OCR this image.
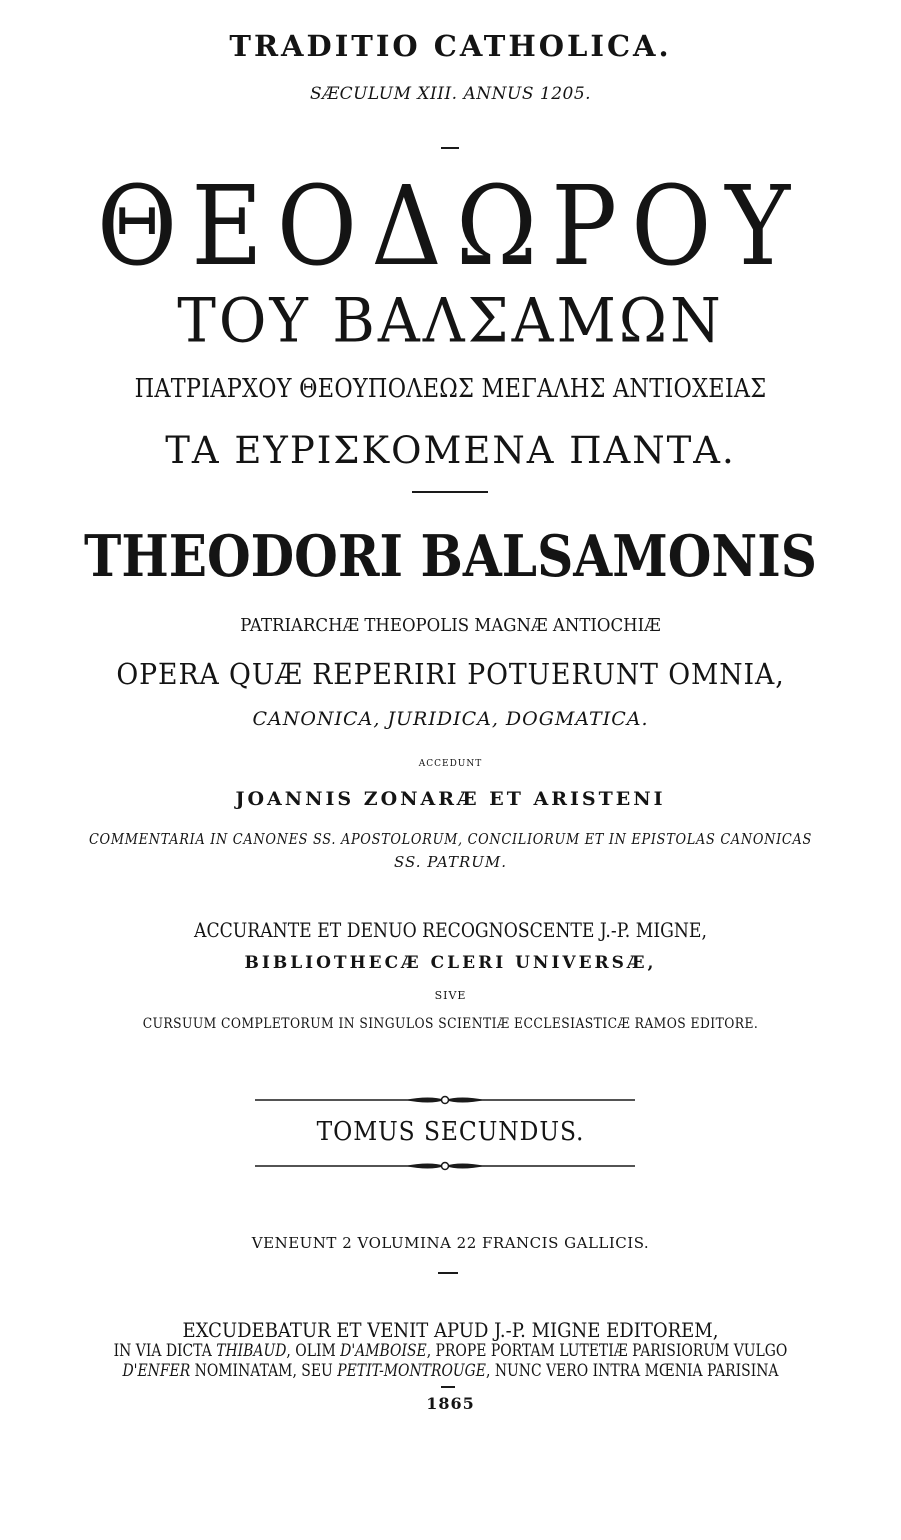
TRADITIO CATHOLICA.
SÆCULUM XIII. ANNUS 1205.
ΘΕΟΔΩΡΟΥ
ΤΟΥ ΒΑΛΣΑΜΩΝ
ΠΑΤΡΙΑΡΧΟΥ ΘΕΟΥΠΟΛΕΩΣ ΜΕΓΑΛΗΣ ΑΝΤΙΟΧΕΙΑΣ
ΤΑ ΕΥΡΙΣΚΟΜΕΝΑ ΠΑΝΤΑ.
THEODORI BALSAMONIS
PATRIARCHÆ THEOPOLIS MAGNÆ ANTIOCHIÆ
OPERA QUÆ REPERIRI POTUERUNT OMNIA,
CANONICA, JURIDICA, DOGMATICA.
ACCEDUNT
JOANNIS ZONARÆ ET ARISTENI
COMMENTARIA IN CANONES SS. APOSTOLORUM, CONCILIORUM ET IN EPISTOLAS CANONICAS
SS. PATRUM.
ACCURANTE ET DENUO RECOGNOSCENTE J.-P. MIGNE,
BIBLIOTHECÆ CLERI UNIVERSÆ,
SIVE
CURSUUM COMPLETORUM IN SINGULOS SCIENTIÆ ECCLESIASTICÆ RAMOS EDITORE.
TOMUS SECUNDUS.
VENEUNT 2 VOLUMINA 22 FRANCIS GALLICIS.
EXCUDEBATUR ET VENIT APUD J.-P. MIGNE EDITOREM,
IN VIA DICTA THIBAUD, OLIM D'AMBOISE, PROPE PORTAM LUTETIÆ PARISIORUM VULGO
D'ENFER NOMINATAM, SEU PETIT-MONTROUGE, NUNC VERO INTRA MŒNIA PARISINA
1865
